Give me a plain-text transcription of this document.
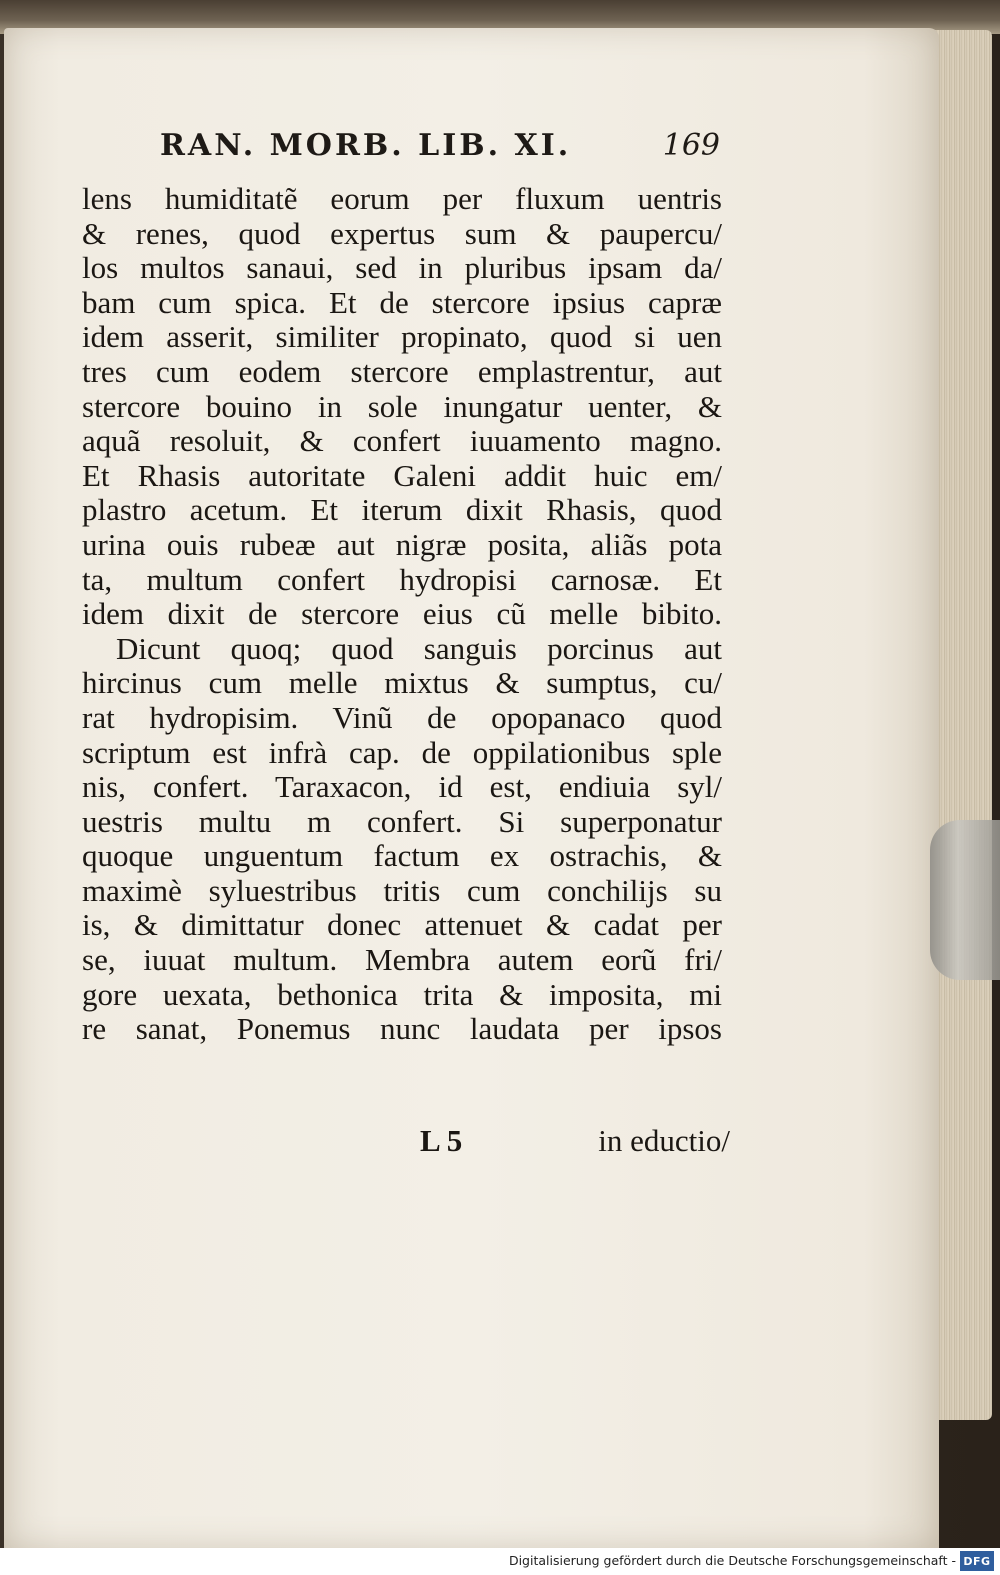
RAN. MORB. LIB. XI.	169
lens humiditatẽ eorum per fluxum uentris
& renes, quod expertus sum & paupercu/
los multos sanaui, sed in pluribus ipsam da/
bam cum spica. Et de stercore ipsius capræ
idem asserit, similiter propinato, quod si uen
tres cum eodem stercore emplastrentur, aut
stercore bouino in sole inungatur uenter, &
aquã resoluit, & confert iuuamento magno.
Et Rhasis autoritate Galeni addit huic em/
plastro acetum. Et iterum dixit Rhasis, quod
urina ouis rubeæ aut nigræ posita, aliãs pota
ta, multum confert hydropisi carnosæ. Et
idem dixit de stercore eius cũ melle bibito.
Dicunt quoq; quod sanguis porcinus aut
hircinus cum melle mixtus & sumptus, cu/
rat hydropisim. Vinũ de opopanaco quod
scriptum est infrà cap. de oppilationibus sple
nis, confert. Taraxacon, id est, endiuia syl/
uestris multu m confert. Si superponatur
quoque unguentum factum ex ostrachis, &
maximè syluestribus tritis cum conchilijs su
is, & dimittatur donec attenuet & cadat per
se, iuuat multum. Membra autem eorũ fri/
gore uexata, bethonica trita & imposita, mi
re sanat, Ponemus nunc laudata per ipsos
L 5	in eductio/
Digitalisierung gefördert durch die Deutsche Forschungsgemeinschaft - DFG
